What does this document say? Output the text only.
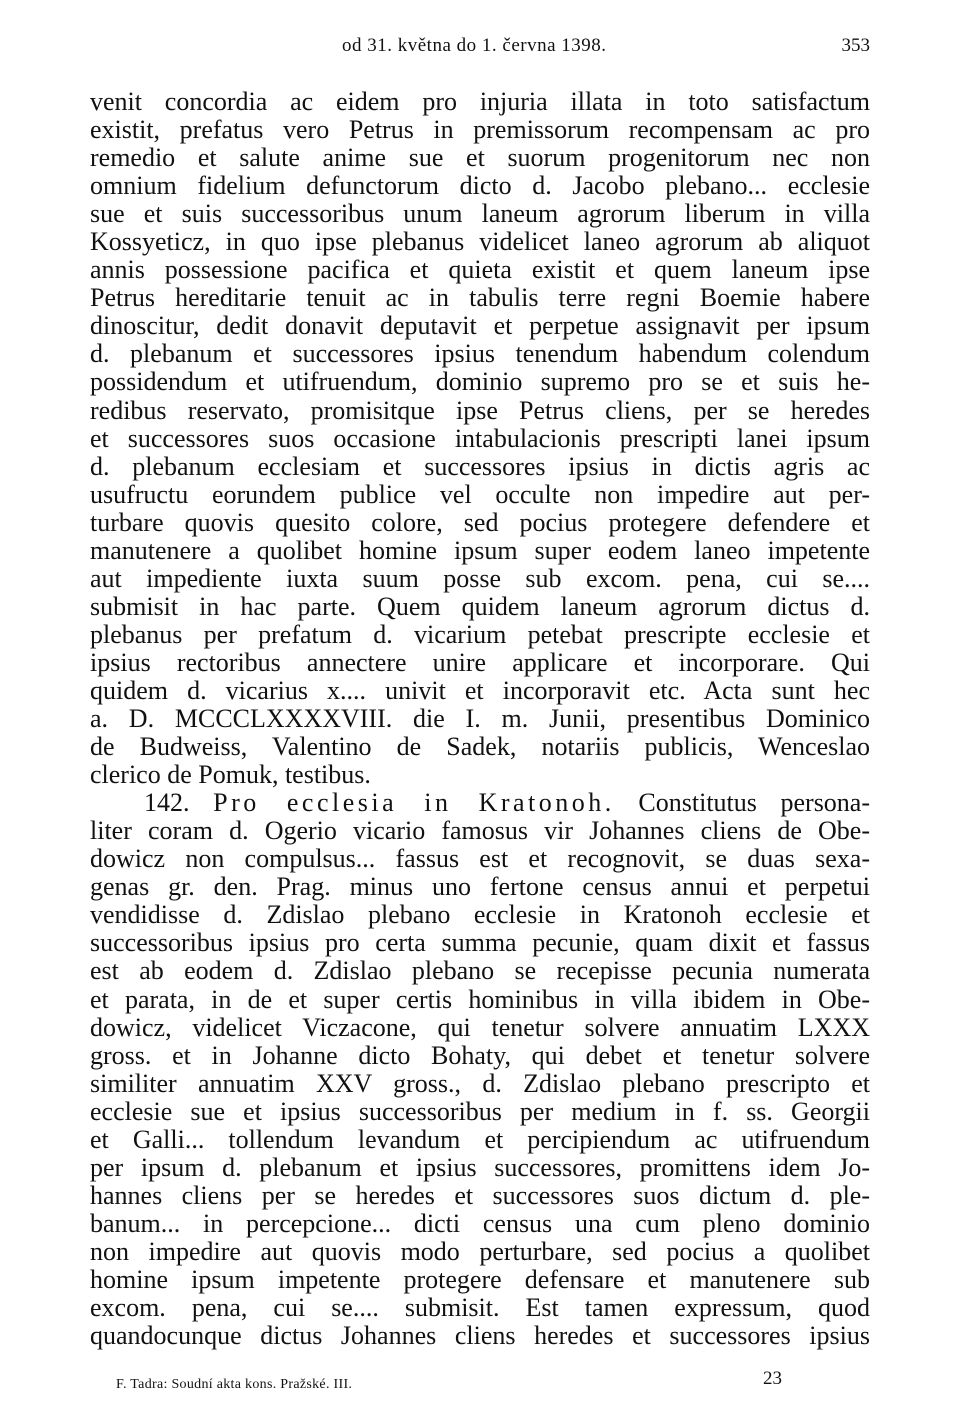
od 31. května do 1. června 1398.	353
venit concordia ac eidem pro injuria illata in toto satisfactum
existit, prefatus vero Petrus in premissorum recompensam ac pro
remedio et salute anime sue et suorum progenitorum nec non
omnium fidelium defunctorum dicto d. Jacobo plebano... ecclesie
sue et suis successoribus unum laneum agrorum liberum in villa
Kossyeticz, in quo ipse plebanus videlicet laneo agrorum ab aliquot
annis possessione pacifica et quieta existit et quem laneum ipse
Petrus hereditarie tenuit ac in tabulis terre regni Boemie habere
dinoscitur, dedit donavit deputavit et perpetue assignavit per ipsum
d. plebanum et successores ipsius tenendum habendum colendum
possidendum et utifruendum, dominio supremo pro se et suis he-
redibus reservato, promisitque ipse Petrus cliens, per se heredes
et successores suos occasione intabulacionis prescripti lanei ipsum
d. plebanum ecclesiam et successores ipsius in dictis agris ac
usufructu eorundem publice vel occulte non impedire aut per-
turbare quovis quesito colore, sed pocius protegere defendere et
manutenere a quolibet homine ipsum super eodem laneo impetente
aut impediente iuxta suum posse sub excom. pena, cui se....
submisit in hac parte. Quem quidem laneum agrorum dictus d.
plebanus per prefatum d. vicarium petebat prescripte ecclesie et
ipsius rectoribus annectere unire applicare et incorporare. Qui
quidem d. vicarius x.... univit et incorporavit etc. Acta sunt hec
a. D. MCCCLXXXXVIII. die I. m. Junii, presentibus Dominico
de Budweiss, Valentino de Sadek, notariis publicis, Wenceslao
clerico de Pomuk, testibus.
142. Pro ecclesia in Kratonoh. Constitutus persona-
liter coram d. Ogerio vicario famosus vir Johannes cliens de Obe-
dowicz non compulsus... fassus est et recognovit, se duas sexa-
genas gr. den. Prag. minus uno fertone census annui et perpetui
vendidisse d. Zdislao plebano ecclesie in Kratonoh ecclesie et
successoribus ipsius pro certa summa pecunie, quam dixit et fassus
est ab eodem d. Zdislao plebano se recepisse pecunia numerata
et parata, in de et super certis hominibus in villa ibidem in Obe-
dowicz, videlicet Viczacone, qui tenetur solvere annuatim LXXX
gross. et in Johanne dicto Bohaty, qui debet et tenetur solvere
similiter annuatim XXV gross., d. Zdislao plebano prescripto et
ecclesie sue et ipsius successoribus per medium in f. ss. Georgii
et Galli... tollendum levandum et percipiendum ac utifruendum
per ipsum d. plebanum et ipsius successores, promittens idem Jo-
hannes cliens per se heredes et successores suos dictum d. ple-
banum... in percepcione... dicti census una cum pleno dominio
non impedire aut quovis modo perturbare, sed pocius a quolibet
homine ipsum impetente protegere defensare et manutenere sub
excom. pena, cui se.... submisit. Est tamen expressum, quod
quandocunque dictus Johannes cliens heredes et successores ipsius
F. Tadra: Soudní akta kons. Pražské. III.	23
